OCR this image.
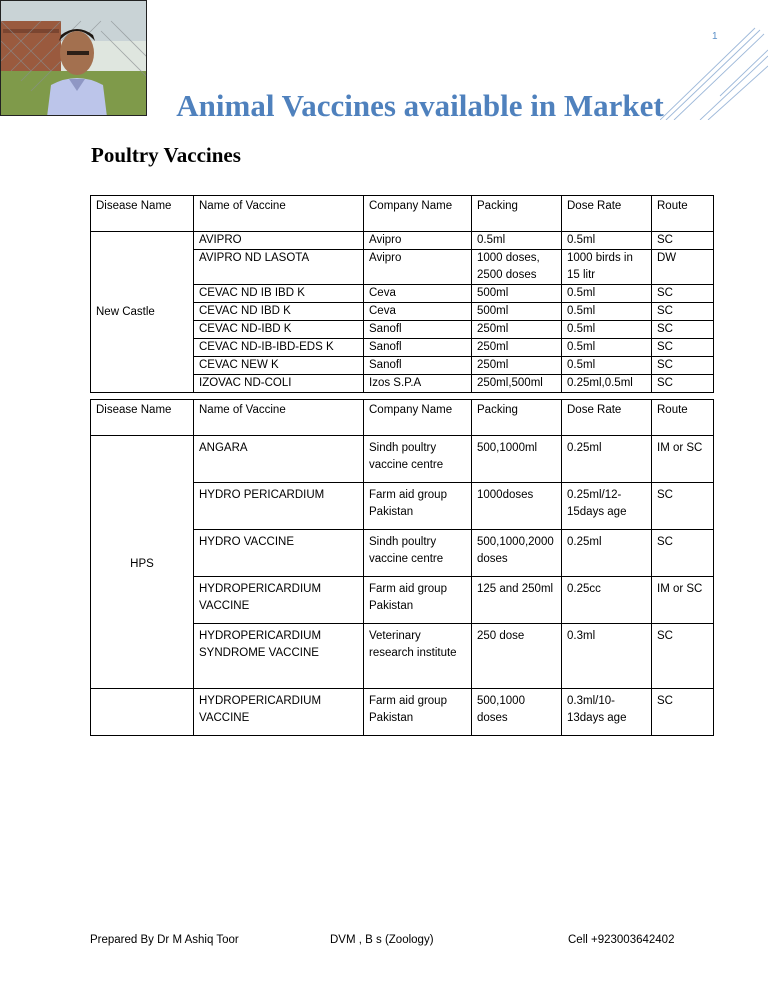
1
Animal Vaccines available in Market
Poultry Vaccines
Disease Name	Name of Vaccine	Company Name	Packing	Dose Rate	Route
New Castle	AVIPRO	Avipro	0.5ml	0.5ml	SC
	AVIPRO ND LASOTA	Avipro	1000 doses, 2500 doses	1000 birds in 15 litr	DW
	CEVAC ND IB IBD K	Ceva	500ml	0.5ml	SC
	CEVAC ND IBD K	Ceva	500ml	0.5ml	SC
	CEVAC ND-IBD K	Sanofl	250ml	0.5ml	SC
	CEVAC ND-IB-IBD-EDS K	Sanofl	250ml	0.5ml	SC
	CEVAC NEW K	Sanofl	250ml	0.5ml	SC
	IZOVAC ND-COLI	Izos S.P.A	250ml,500ml	0.25ml,0.5ml	SC
Disease Name	Name of Vaccine	Company Name	Packing	Dose Rate	Route
HPS	ANGARA	Sindh poultry vaccine centre	500,1000ml	0.25ml	IM or SC
	HYDRO PERICARDIUM	Farm aid group Pakistan	1000doses	0.25ml/12-15days age	SC
	HYDRO VACCINE	Sindh poultry vaccine centre	500,1000,2000 doses	0.25ml	SC
	HYDROPERICARDIUM VACCINE	Farm aid group Pakistan	125 and 250ml	0.25cc	IM or SC
	HYDROPERICARDIUM SYNDROME VACCINE	Veterinary research institute	250 dose	0.3ml	SC
	HYDROPERICARDIUM VACCINE	Farm aid group Pakistan	500,1000 doses	0.3ml/10-13days age	SC
Prepared By Dr M Ashiq Toor	DVM , B s (Zoology)	Cell +923003642402
